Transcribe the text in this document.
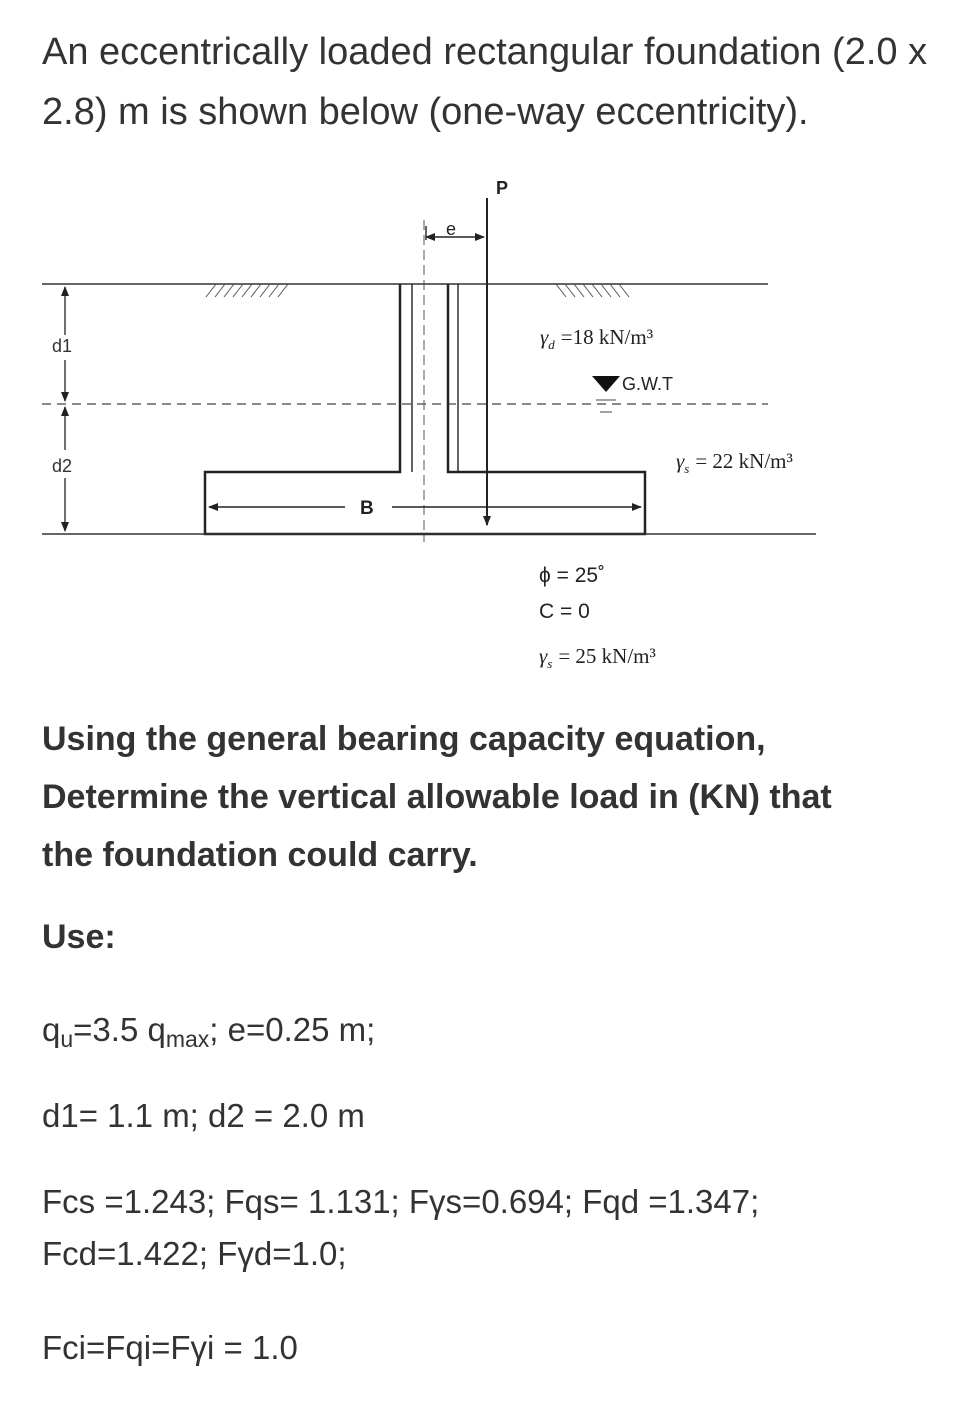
An eccentrically loaded rectangular foundation (2.0 x
2.8) m is shown below (one-way eccentricity).
P
e
B
d1
d2
$\gamma_d =18$ kN/m³
G.W.T
$\gamma_s = 22$ kN/m³
ϕ = 25˚
C = 0
$\gamma_s = 25$ kN/m³
Using the general bearing capacity equation,
Determine the vertical allowable load in (KN) that
the foundation could carry.
Use:
$q_u=3.5$ $q_{max}$; e=0.25 m;
d1= 1.1 m; d2 = 2.0 m
Fcs =1.243; Fqs= 1.131; Fγs=0.694; Fqd =1.347;
Fcd=1.422; Fγd=1.0;
Fci=Fqi=Fγi = 1.0
